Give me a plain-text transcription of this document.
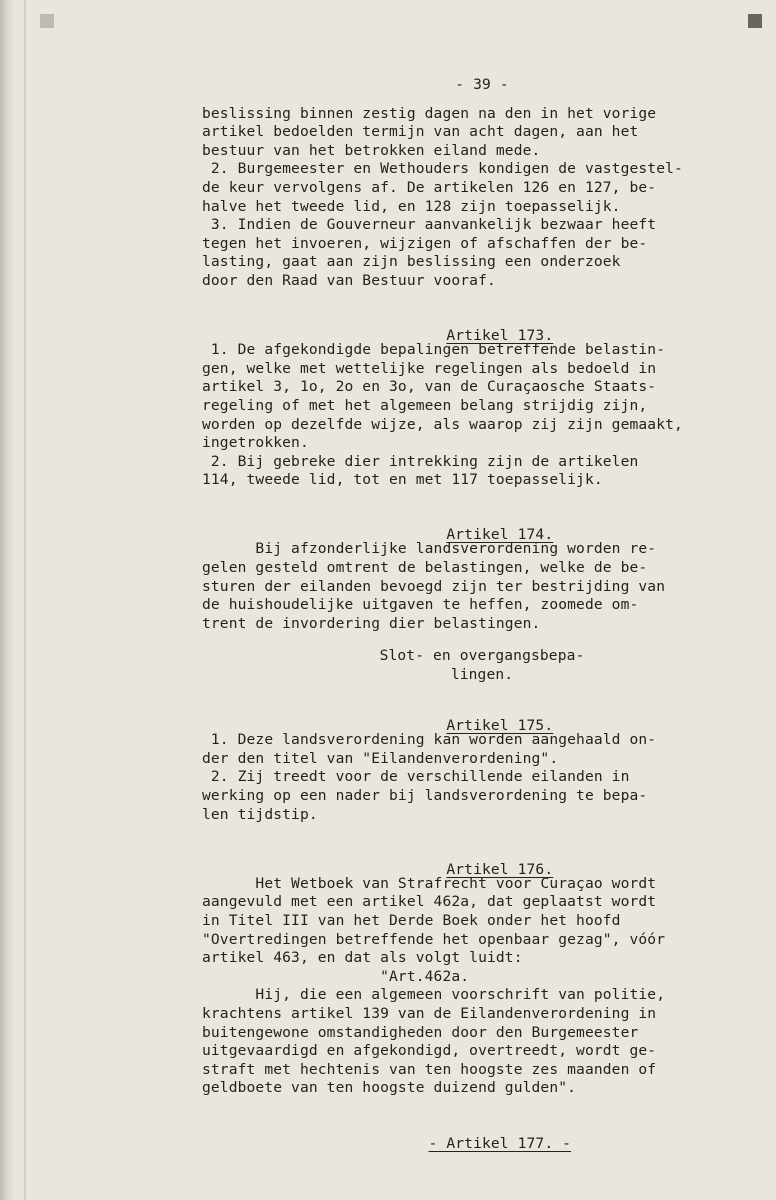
- 39 -
beslissing binnen zestig dagen na den in het vorige
artikel bedoelden termijn van acht dagen, aan het
bestuur van het betrokken eiland mede.
2. Burgemeester en Wethouders kondigen de vastgestel-
de keur vervolgens af. De artikelen 126 en 127, be-
halve het tweede lid, en 128 zijn toepasselijk.
3. Indien de Gouverneur aanvankelijk bezwaar heeft
tegen het invoeren, wijzigen of afschaffen der be-
lasting, gaat aan zijn beslissing een onderzoek
door den Raad van Bestuur vooraf.

Artikel 173.

1. De afgekondigde bepalingen betreffende belastin-
gen, welke met wettelijke regelingen als bedoeld in
artikel 3, 1o, 2o en 3o, van de Curaçaosche Staats-
regeling of met het algemeen belang strijdig zijn,
worden op dezelfde wijze, als waarop zij zijn gemaakt,
ingetrokken.
2. Bij gebreke dier intrekking zijn de artikelen
114, tweede lid, tot en met 117 toepasselijk.

Artikel 174.

Bij afzonderlijke landsverordening worden re-
gelen gesteld omtrent de belastingen, welke de be-
sturen der eilanden bevoegd zijn ter bestrijding van
de huishoudelijke uitgaven te heffen, zoomede om-
trent de invordering dier belastingen.
Slot- en overgangsbepa-
lingen.

Artikel 175.

1. Deze landsverordening kan worden aangehaald on-
der den titel van "Eilandenverordening".
2. Zij treedt voor de verschillende eilanden in
werking op een nader bij landsverordening te bepa-
len tijdstip.

Artikel 176.

Het Wetboek van Strafrecht voor Curaçao wordt
aangevuld met een artikel 462a, dat geplaatst wordt
in Titel III van het Derde Boek onder het hoofd
"Overtredingen betreffende het openbaar gezag", vóór
artikel 463, en dat als volgt luidt:
"Art.462a.
Hij, die een algemeen voorschrift van politie,
krachtens artikel 139 van de Eilandenverordening in
buitengewone omstandigheden door den Burgemeester
uitgevaardigd en afgekondigd, overtreedt, wordt ge-
straft met hechtenis van ten hoogste zes maanden of
geldboete van ten hoogste duizend gulden".

- Artikel 177. -
